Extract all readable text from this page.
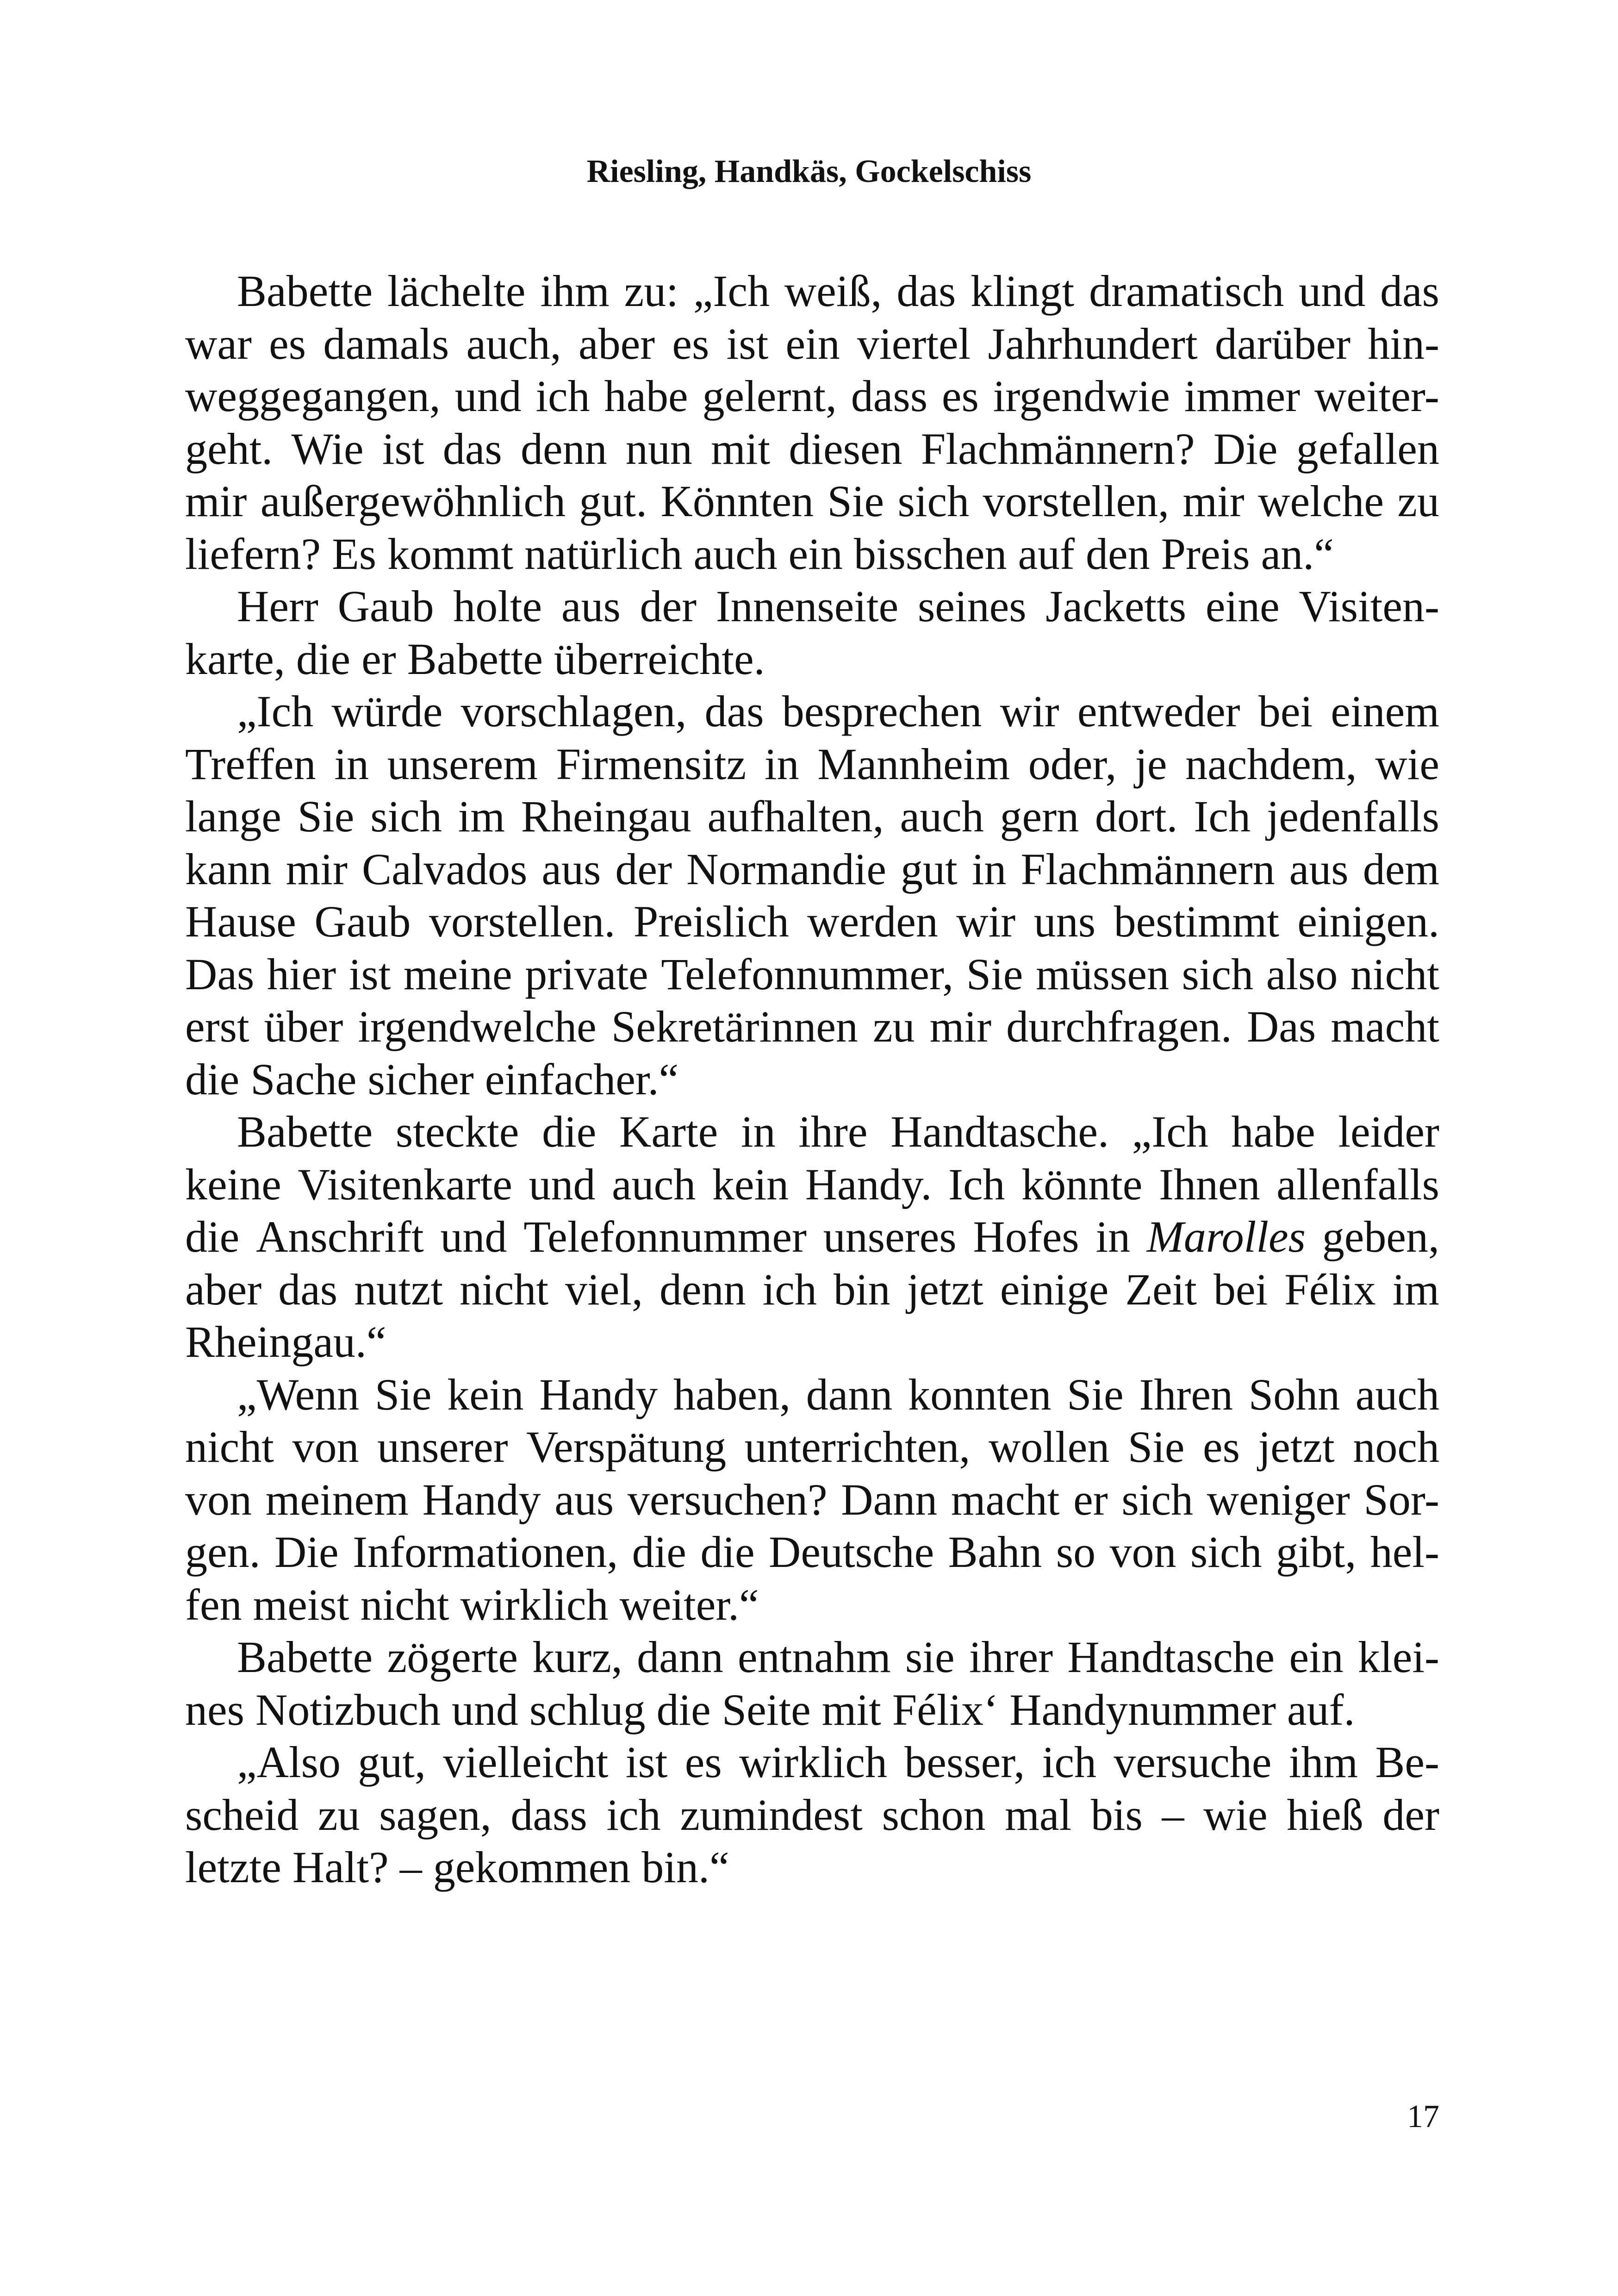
Riesling, Handkäs, Gockelschiss
Babette lächelte ihm zu: „Ich weiß, das klingt dramatisch und das
war es damals auch, aber es ist ein viertel Jahrhundert darüber hin-
weggegangen, und ich habe gelernt, dass es irgendwie immer weiter-
geht. Wie ist das denn nun mit diesen Flachmännern? Die gefallen
mir außergewöhnlich gut. Könnten Sie sich vorstellen, mir welche zu
liefern? Es kommt natürlich auch ein bisschen auf den Preis an.“
Herr Gaub holte aus der Innenseite seines Jacketts eine Visiten-
karte, die er Babette überreichte.
„Ich würde vorschlagen, das besprechen wir entweder bei einem
Treffen in unserem Firmensitz in Mannheim oder, je nachdem, wie
lange Sie sich im Rheingau aufhalten, auch gern dort. Ich jedenfalls
kann mir Calvados aus der Normandie gut in Flachmännern aus dem
Hause Gaub vorstellen. Preislich werden wir uns bestimmt einigen.
Das hier ist meine private Telefonnummer, Sie müssen sich also nicht
erst über irgendwelche Sekretärinnen zu mir durchfragen. Das macht
die Sache sicher einfacher.“
Babette steckte die Karte in ihre Handtasche. „Ich habe leider
keine Visitenkarte und auch kein Handy. Ich könnte Ihnen allenfalls
die Anschrift und Telefonnummer unseres Hofes in Marolles geben,
aber das nutzt nicht viel, denn ich bin jetzt einige Zeit bei Félix im
Rheingau.“
„Wenn Sie kein Handy haben, dann konnten Sie Ihren Sohn auch
nicht von unserer Verspätung unterrichten, wollen Sie es jetzt noch
von meinem Handy aus versuchen? Dann macht er sich weniger Sor-
gen. Die Informationen, die die Deutsche Bahn so von sich gibt, hel-
fen meist nicht wirklich weiter.“
Babette zögerte kurz, dann entnahm sie ihrer Handtasche ein klei-
nes Notizbuch und schlug die Seite mit Félix‘ Handynummer auf.
„Also gut, vielleicht ist es wirklich besser, ich versuche ihm Be-
scheid zu sagen, dass ich zumindest schon mal bis – wie hieß der
letzte Halt? – gekommen bin.“
17
